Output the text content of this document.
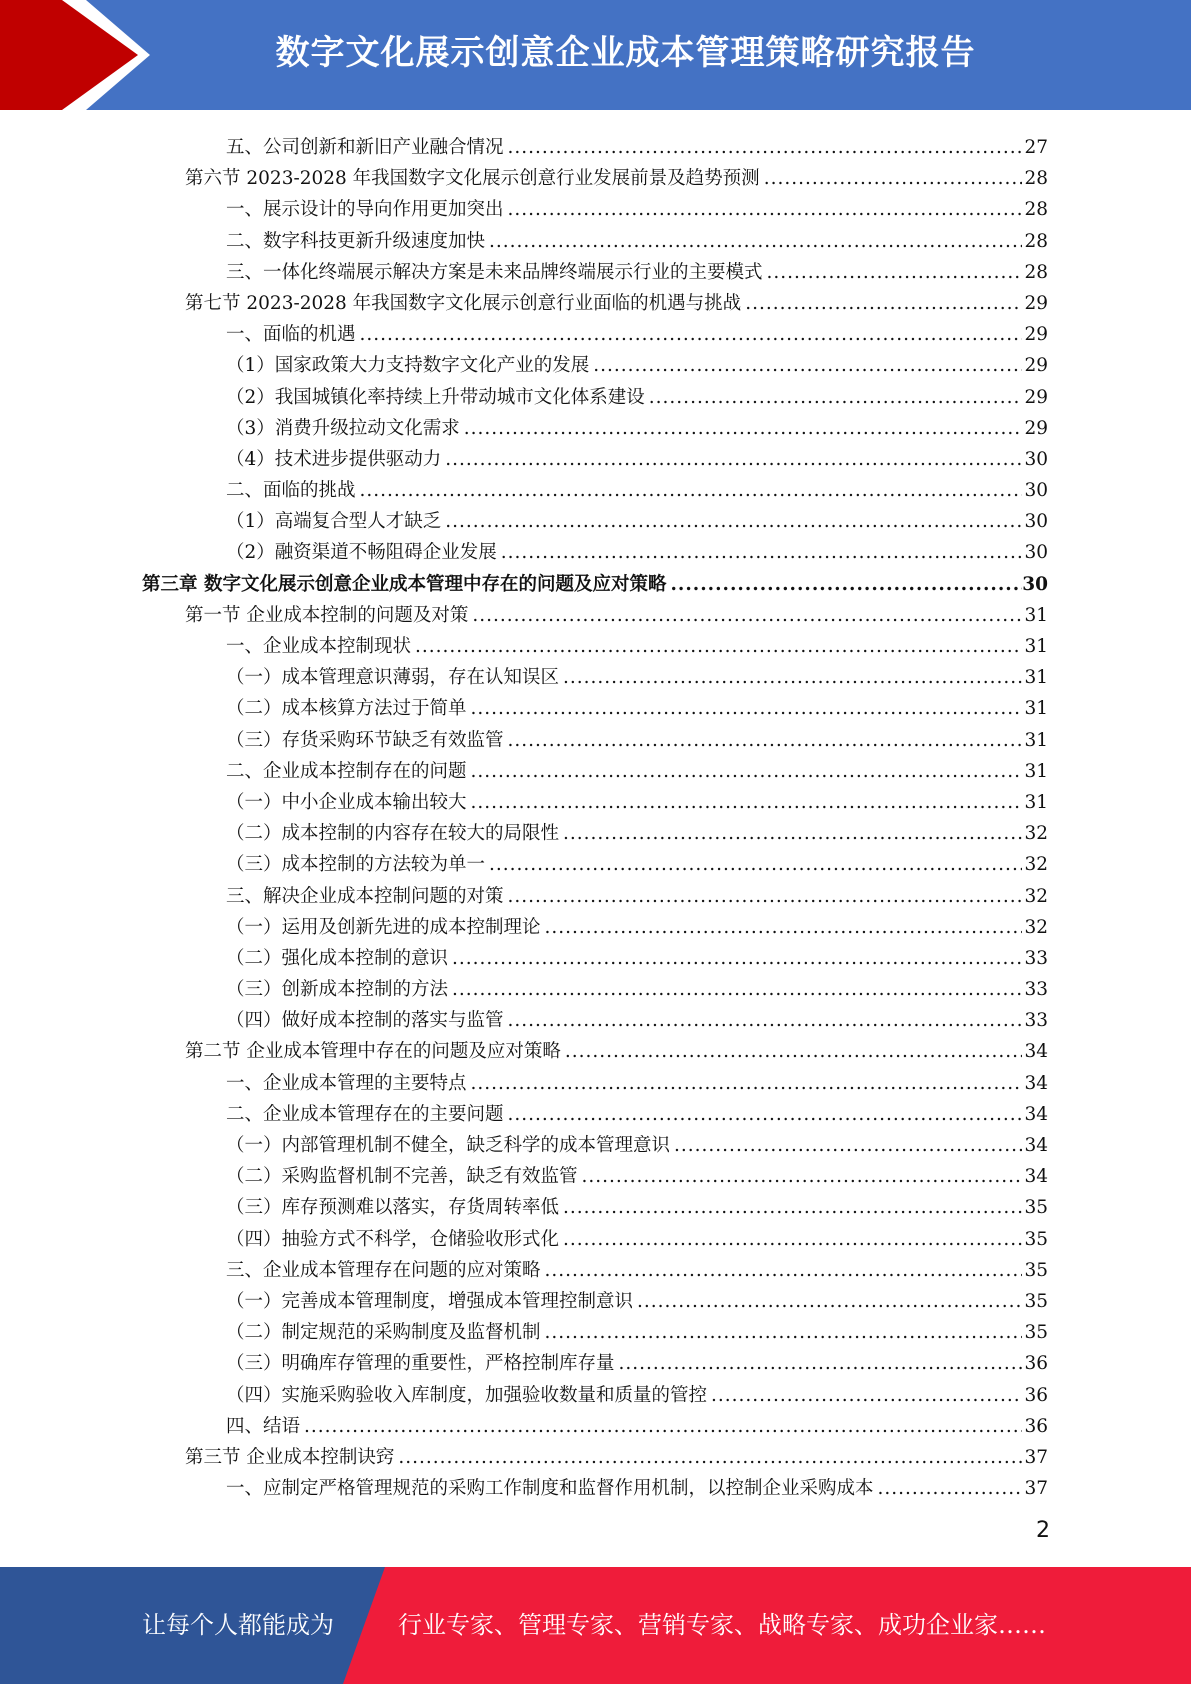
数字文化展示创意企业成本管理策略研究报告
五、公司创新和新旧产业融合情况 .....	27
第六节 2023-2028 年我国数字文化展示创意行业发展前景及趋势预测 .....	28
一、展示设计的导向作用更加突出 .....	28
二、数字科技更新升级速度加快 .....	28
三、一体化终端展示解决方案是未来品牌终端展示行业的主要模式 .....	28
第七节 2023-2028 年我国数字文化展示创意行业面临的机遇与挑战 .....	29
一、面临的机遇 .....	29
（1）国家政策大力支持数字文化产业的发展 .....	29
（2）我国城镇化率持续上升带动城市文化体系建设 .....	29
（3）消费升级拉动文化需求 .....	29
（4）技术进步提供驱动力 .....	30
二、面临的挑战 .....	30
（1）高端复合型人才缺乏 .....	30
（2）融资渠道不畅阻碍企业发展 .....	30
第三章 数字文化展示创意企业成本管理中存在的问题及应对策略 .....	30
第一节 企业成本控制的问题及对策 .....	31
一、企业成本控制现状 .....	31
（一）成本管理意识薄弱，存在认知误区 .....	31
（二）成本核算方法过于简单 .....	31
（三）存货采购环节缺乏有效监管 .....	31
二、企业成本控制存在的问题 .....	31
（一）中小企业成本输出较大 .....	31
（二）成本控制的内容存在较大的局限性 .....	32
（三）成本控制的方法较为单一 .....	32
三、解决企业成本控制问题的对策 .....	32
（一）运用及创新先进的成本控制理论 .....	32
（二）强化成本控制的意识 .....	33
（三）创新成本控制的方法 .....	33
（四）做好成本控制的落实与监管 .....	33
第二节 企业成本管理中存在的问题及应对策略 .....	34
一、企业成本管理的主要特点 .....	34
二、企业成本管理存在的主要问题 .....	34
（一）内部管理机制不健全，缺乏科学的成本管理意识 .....	34
（二）采购监督机制不完善，缺乏有效监管 .....	34
（三）库存预测难以落实，存货周转率低 .....	35
（四）抽验方式不科学，仓储验收形式化 .....	35
三、企业成本管理存在问题的应对策略 .....	35
（一）完善成本管理制度，增强成本管理控制意识 .....	35
（二）制定规范的采购制度及监督机制 .....	35
（三）明确库存管理的重要性，严格控制库存量 .....	36
（四）实施采购验收入库制度，加强验收数量和质量的管控 .....	36
四、结语 .....	36
第三节 企业成本控制诀窍 .....	37
一、应制定严格管理规范的采购工作制度和监督作用机制，以控制企业采购成本 .....	37
2
让每个人都能成为	行业专家、管理专家、营销专家、战略专家、成功企业家……
